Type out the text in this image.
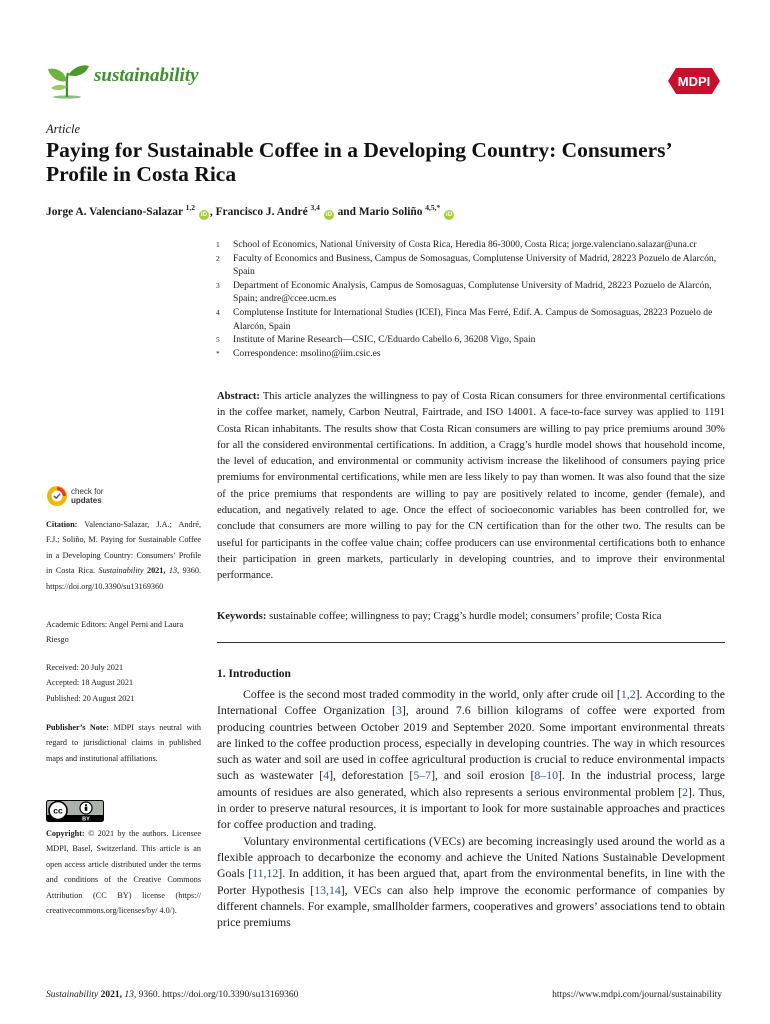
sustainability	MDPI
Article
Paying for Sustainable Coffee in a Developing Country: Consumers’ Profile in Costa Rica
Jorge A. Valenciano-Salazar $^{1,2}$ iD , Francisco J. André $^{3,4}$ iD and Mario Soliño $^{4,5,*}$ iD
1	School of Economics, National University of Costa Rica, Heredia 86-3000, Costa Rica; jorge.valenciano.salazar@una.cr
2	Faculty of Economics and Business, Campus de Somosaguas, Complutense University of Madrid, 28223 Pozuelo de Alarcón, Spain
3	Department of Economic Analysis, Campus de Somosaguas, Complutense University of Madrid, 28223 Pozuelo de Alarcón, Spain; andre@ccee.ucm.es
4	Complutense Institute for International Studies (ICEI), Finca Mas Ferré, Edif. A. Campus de Somosaguas, 28223 Pozuelo de Alarcón, Spain
5	Institute of Marine Research—CSIC, C/Eduardo Cabello 6, 36208 Vigo, Spain
*	Correspondence: msolino@iim.csic.es
Abstract: This article analyzes the willingness to pay of Costa Rican consumers for three environmental certifications in the coffee market, namely, Carbon Neutral, Fairtrade, and ISO 14001. A face-to-face survey was applied to 1191 Costa Rican inhabitants. The results show that Costa Rican consumers are willing to pay price premiums around 30% for all the considered environmental certifications. In addition, a Cragg’s hurdle model shows that household income, the level of education, and environmental or community activism increase the likelihood of consumers paying price premiums for environmental certifications, while men are less likely to pay than women. It was also found that the size of the price premiums that respondents are willing to pay are positively related to income, gender (female), and education, and negatively related to age. Once the effect of socioeconomic variables has been controlled for, we conclude that consumers are more willing to pay for the CN certification than for the other two. The results can be useful for participants in the coffee value chain; coffee producers can use environmental certifications both to enhance their participation in green markets, particularly in developing countries, and to improve their environmental performance.
Keywords: sustainable coffee; willingness to pay; Cragg’s hurdle model; consumers’ profile; Costa Rica
check for
updates
Citation: Valenciano-Salazar, J.A.; André, F.J.; Soliño, M. Paying for Sustainable Coffee in a Developing Country: Consumers’ Profile in Costa Rica. Sustainability 2021, 13, 9360. https://doi.org/10.3390/su13169360
Academic Editors: Angel Perni and Laura Riesgo
Received: 20 July 2021
Accepted: 18 August 2021
Published: 20 August 2021
Publisher’s Note: MDPI stays neutral with regard to jurisdictional claims in published maps and institutional affiliations.
cc
BY
Copyright: © 2021 by the authors. Licensee MDPI, Basel, Switzerland. This article is an open access article distributed under the terms and conditions of the Creative Commons Attribution (CC BY) license (https:// creativecommons.org/licenses/by/ 4.0/).
1. Introduction

Coffee is the second most traded commodity in the world, only after crude oil [1,2]. According to the International Coffee Organization [3], around 7.6 billion kilograms of coffee were exported from producing countries between October 2019 and September 2020. Some important environmental threats are linked to the coffee production process, especially in developing countries. The way in which resources such as water and soil are used in coffee agricultural production is crucial to reduce environmental impacts such as wastewater [4], deforestation [5–7], and soil erosion [8–10]. In the industrial process, large amounts of residues are also generated, which also represents a serious environmental problem [2]. Thus, in order to preserve natural resources, it is important to look for more sustainable approaches and practices for coffee production and trading.

Voluntary environmental certifications (VECs) are becoming increasingly used around the world as a flexible approach to decarbonize the economy and achieve the United Nations Sustainable Development Goals [11,12]. In addition, it has been argued that, apart from the environmental benefits, in line with the Porter Hypothesis [13,14], VECs can also help improve the economic performance of companies by different channels. For example, smallholder farmers, cooperatives and growers’ associations tend to obtain price premiums

Sustainability 2021, 13, 9360. https://doi.org/10.3390/su13169360	https://www.mdpi.com/journal/sustainability
